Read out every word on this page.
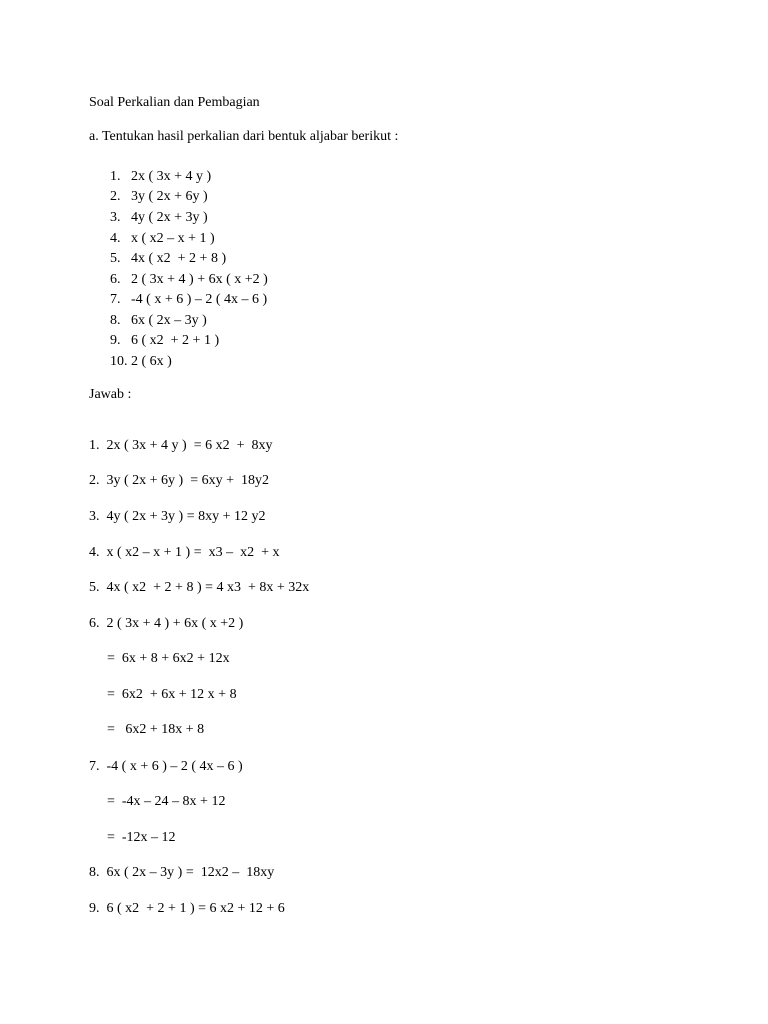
Soal Perkalian dan Pembagian
a. Tentukan hasil perkalian dari bentuk aljabar berikut :
1. 2x ( 3x + 4 y )
2. 3y ( 2x + 6y )
3. 4y ( 2x + 3y )
4. x ( x2 – x + 1 )
5. 4x ( x2  + 2 + 8 )
6. 2 ( 3x + 4 ) + 6x ( x +2 )
7. -4 ( x + 6 ) – 2 ( 4x – 6 )
8. 6x ( 2x – 3y )
9. 6 ( x2  + 2 + 1 )
10. 2 ( 6x )
Jawab :
1.  2x ( 3x + 4 y )  = 6 x2  +  8xy
2.  3y ( 2x + 6y )  = 6xy +  18y2
3.  4y ( 2x + 3y ) = 8xy + 12 y2
4.  x ( x2 – x + 1 ) =  x3 –  x2  + x
5.  4x ( x2  + 2 + 8 ) = 4 x3  + 8x + 32x
6.  2 ( 3x + 4 ) + 6x ( x +2 )
=  6x + 8 + 6x2 + 12x
=  6x2  + 6x + 12 x + 8
=   6x2 + 18x + 8
7.  -4 ( x + 6 ) – 2 ( 4x – 6 )
=  -4x – 24 – 8x + 12
=  -12x – 12
8.  6x ( 2x – 3y ) =  12x2 –  18xy
9.  6 ( x2  + 2 + 1 ) = 6 x2 + 12 + 6
